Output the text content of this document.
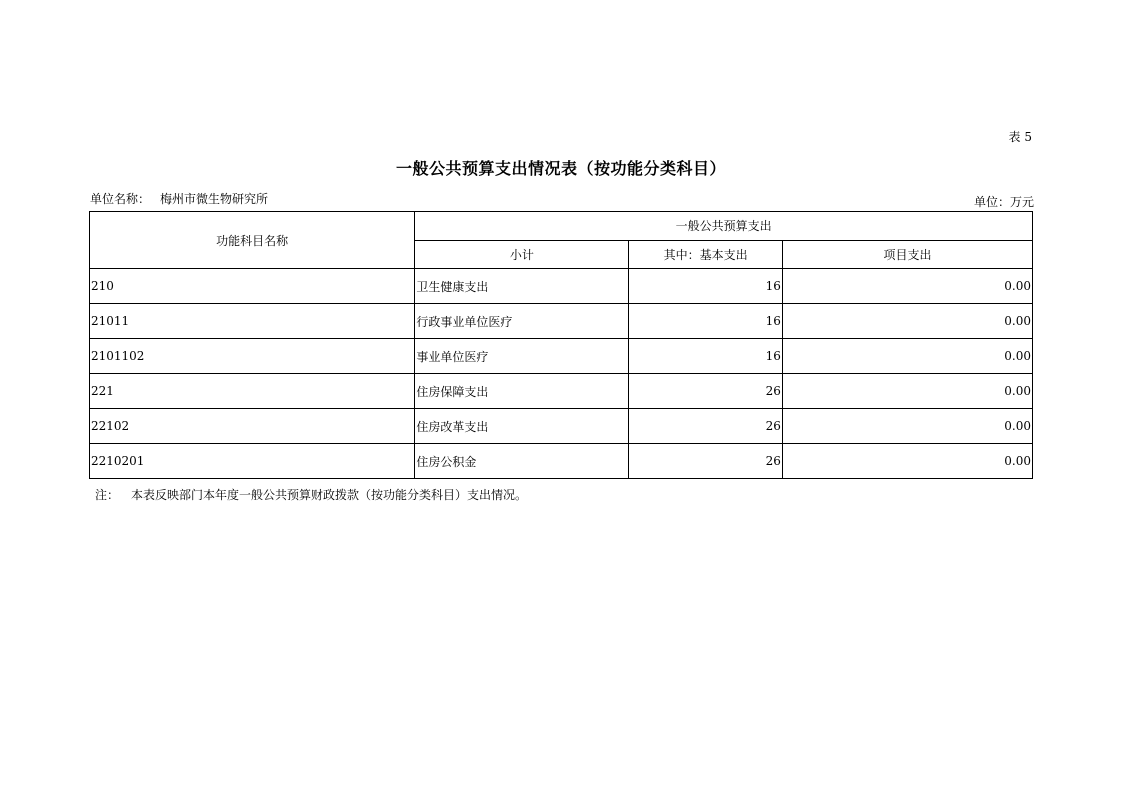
表 5
一般公共预算支出情况表（按功能分类科目）
单位名称： 梅州市微生物研究所	单位：万元
功能科目名称	一般公共预算支出		
	小计	其中：基本支出	项目支出
210	卫生健康支出	16	0.00
21011	行政事业单位医疗	16	0.00
2101102	事业单位医疗	16	0.00
221	住房保障支出	26	0.00
22102	住房改革支出	26	0.00
2210201	住房公积金	26	0.00
注： 本表反映部门本年度一般公共预算财政拨款（按功能分类科目）支出情况。
